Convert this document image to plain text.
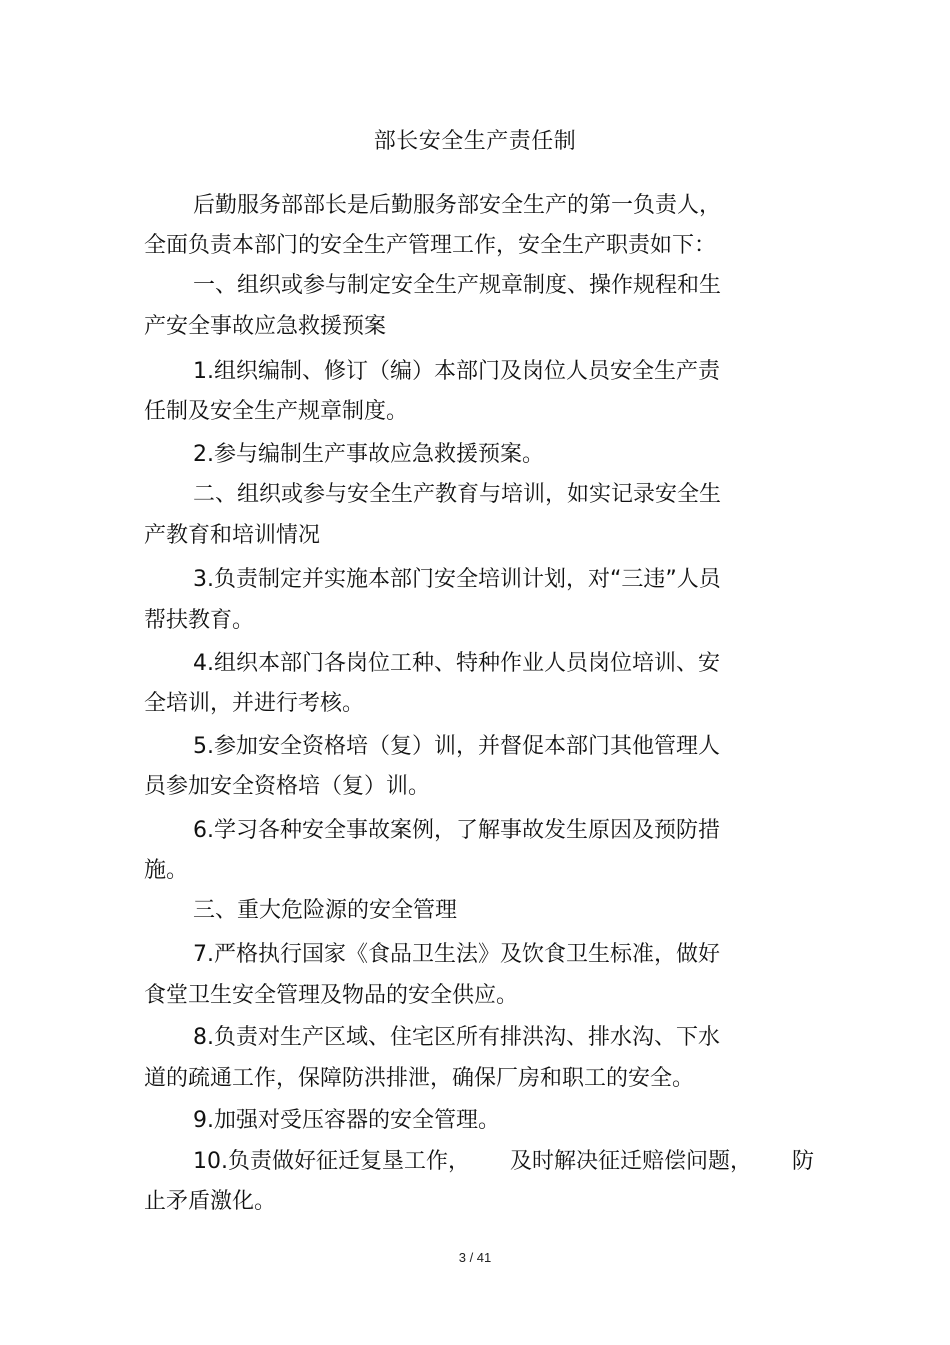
部长安全生产责任制
后勤服务部部长是后勤服务部安全生产的第一负责人，
全面负责本部门的安全生产管理工作，安全生产职责如下：
一、组织或参与制定安全生产规章制度、操作规程和生
产安全事故应急救援预案
1.组织编制、修订（编）本部门及岗位人员安全生产责
任制及安全生产规章制度。
2.参与编制生产事故应急救援预案。
二、组织或参与安全生产教育与培训，如实记录安全生
产教育和培训情况
3.负责制定并实施本部门安全培训计划，对“三违”人员
帮扶教育。
4.组织本部门各岗位工种、特种作业人员岗位培训、安
全培训，并进行考核。
5.参加安全资格培（复）训，并督促本部门其他管理人
员参加安全资格培（复）训。
6.学习各种安全事故案例，了解事故发生原因及预防措
施。
三、重大危险源的安全管理
7.严格执行国家《食品卫生法》及饮食卫生标准，做好
食堂卫生安全管理及物品的安全供应。
8.负责对生产区域、住宅区所有排洪沟、排水沟、下水
道的疏通工作，保障防洪排泄，确保厂房和职工的安全。
9.加强对受压容器的安全管理。
10.负责做好征迁复垦工作， 及时解决征迁赔偿问题， 防
止矛盾激化。
3 / 41
